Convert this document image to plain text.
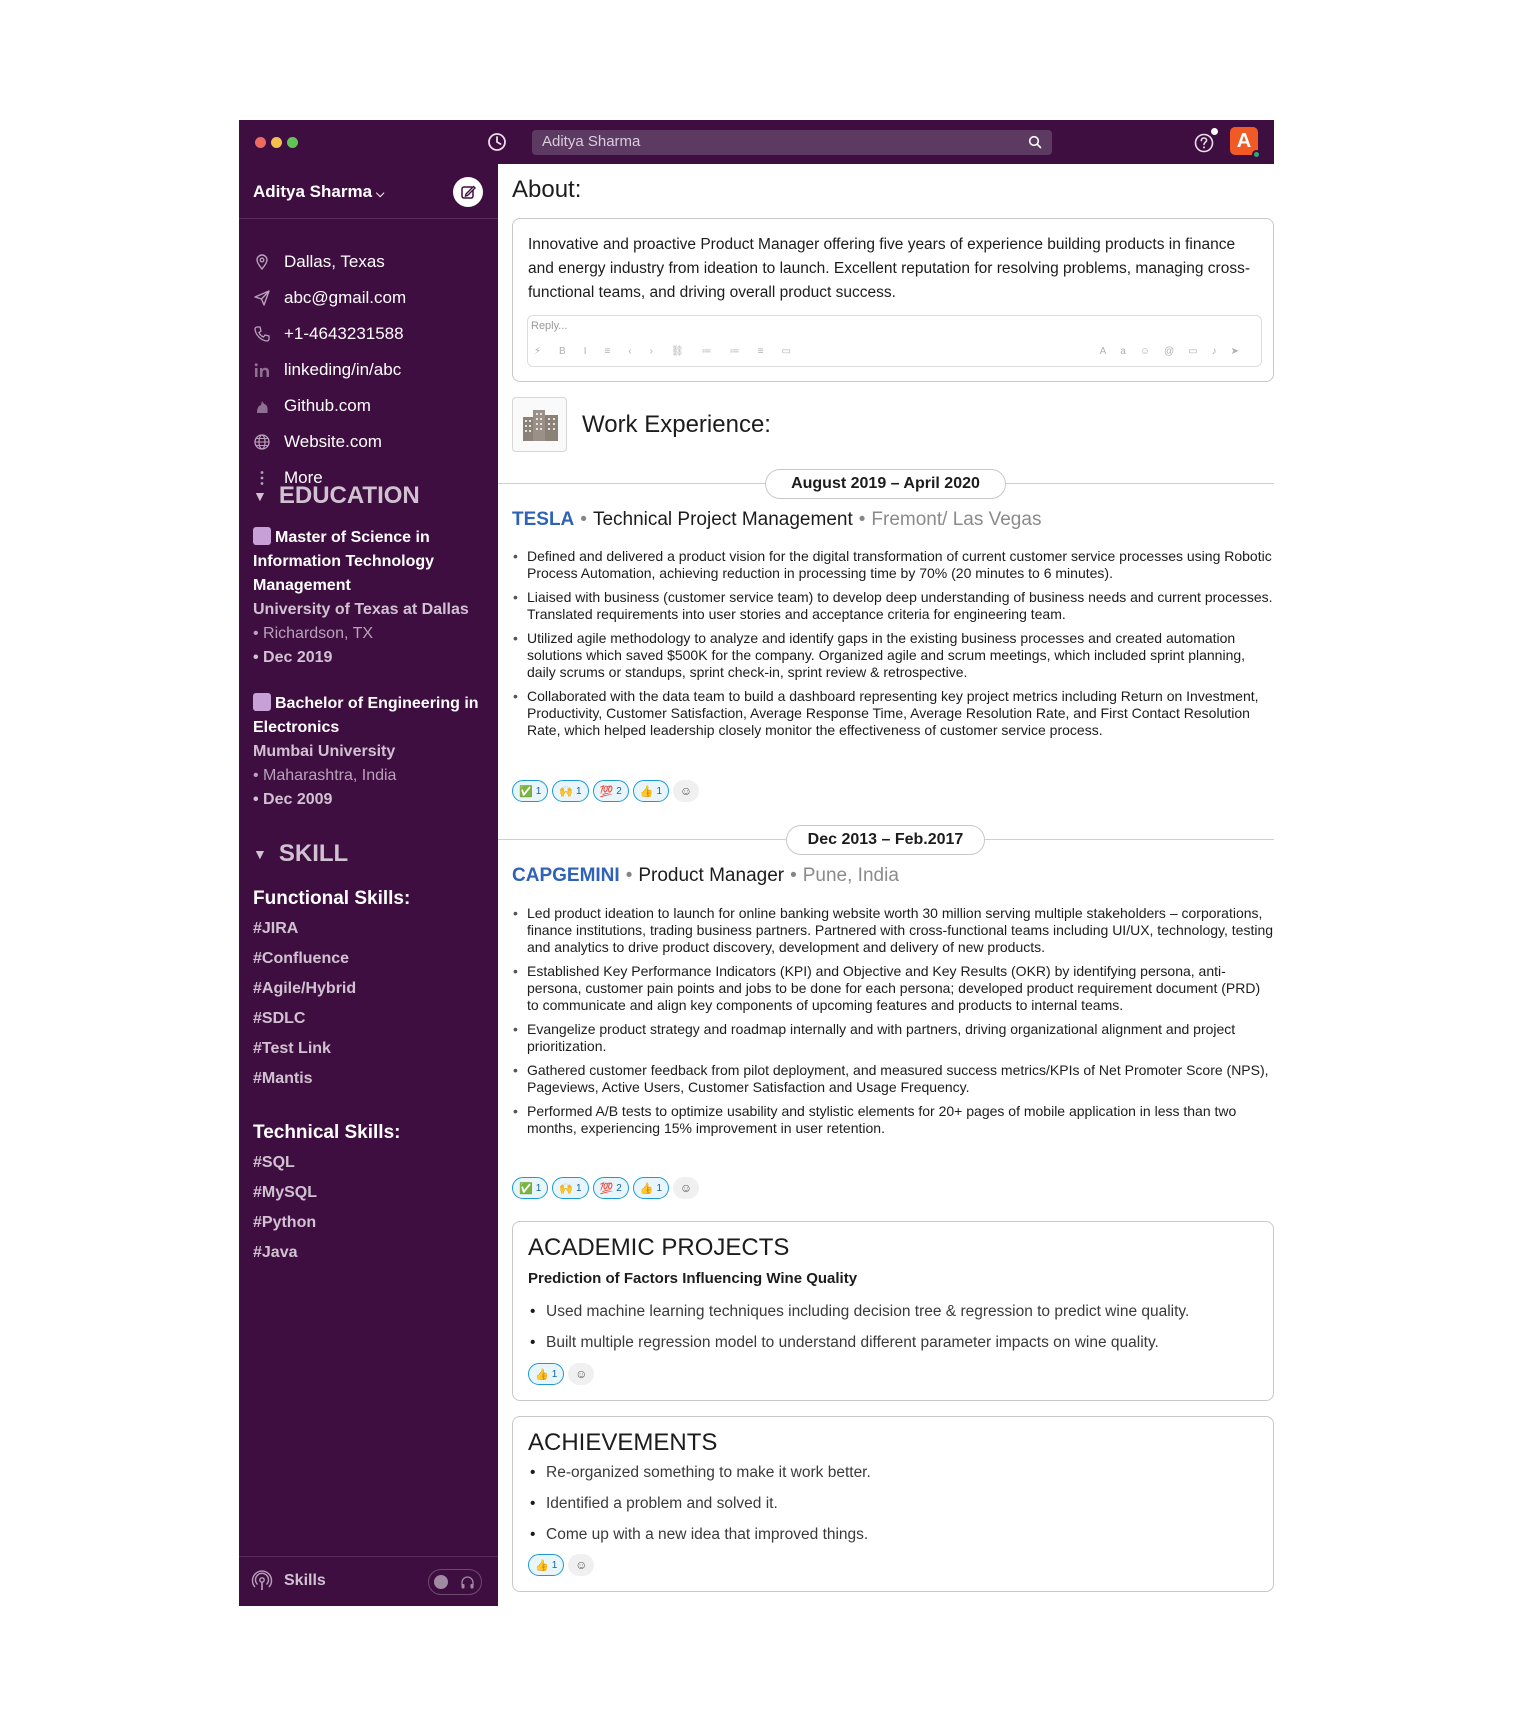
Aditya Sharma	A
Aditya Sharma ⌵
Dallas, Texas
abc@gmail.com
+1-4643231588
linkeding/in/abc
Github.com
Website.com
More
▼ EDUCATION
Master of Science in Information Technology Management
University of Texas at Dallas
• Richardson, TX
• Dec 2019
Bachelor of Engineering in Electronics
Mumbai University
• Maharashtra, India
• Dec 2009
▼ SKILL
Functional Skills:
#JIRA
#Confluence
#Agile/Hybrid
#SDLC
#Test Link
#Mantis
Technical Skills:
#SQL
#MySQL
#Python
#Java
Skills
About:
Innovative and proactive Product Manager offering five years of experience building products in finance and energy industry from ideation to launch. Excellent reputation for resolving problems, managing cross-functional teams, and driving overall product success.
Reply...
⚡BI≡‹›⛓≔≔≡▭	Aa☺@▭♪➤
Work Experience:
August 2019 – April 2020
TESLA • Technical Project Management • Fremont/ Las Vegas
• Defined and delivered a product vision for the digital transformation of current customer service processes using Robotic Process Automation, achieving reduction in processing time by 70% (20 minutes to 6 minutes).
• Liaised with business (customer service team) to develop deep understanding of business needs and current processes. Translated requirements into user stories and acceptance criteria for engineering team.
• Utilized agile methodology to analyze and identify gaps in the existing business processes and created automation solutions which saved $500K for the company. Organized agile and scrum meetings, which included sprint planning, daily scrums or standups, sprint check-in, sprint review & retrospective.
• Collaborated with the data team to build a dashboard representing key project metrics including Return on Investment, Productivity, Customer Satisfaction, Average Response Time, Average Resolution Rate, and First Contact Resolution Rate, which helped leadership closely monitor the effectiveness of customer service process.
✅ 1 🙌 1 💯 2 👍 1	☺
Dec 2013 – Feb.2017
CAPGEMINI • Product Manager • Pune, India
• Led product ideation to launch for online banking website worth 30 million serving multiple stakeholders – corporations, finance institutions, trading business partners. Partnered with cross-functional teams including UI/UX, technology, testing and analytics to drive product discovery, development and delivery of new products.
• Established Key Performance Indicators (KPI) and Objective and Key Results (OKR) by identifying persona, anti-persona, customer pain points and jobs to be done for each persona; developed product requirement document (PRD) to communicate and align key components of upcoming features and products to internal teams.
• Evangelize product strategy and roadmap internally and with partners, driving organizational alignment and project prioritization.
• Gathered customer feedback from pilot deployment, and measured success metrics/KPIs of Net Promoter Score (NPS), Pageviews, Active Users, Customer Satisfaction and Usage Frequency.
• Performed A/B tests to optimize usability and stylistic elements for 20+ pages of mobile application in less than two months, experiencing 15% improvement in user retention.
✅ 1 🙌 1 💯 2 👍 1	☺
ACADEMIC PROJECTS
Prediction of Factors Influencing Wine Quality
• Used machine learning techniques including decision tree & regression to predict wine quality.
• Built multiple regression model to understand different parameter impacts on wine quality.
👍 1	☺
ACHIEVEMENTS
• Re-organized something to make it work better.
• Identified a problem and solved it.
• Come up with a new idea that improved things.
👍 1	☺
